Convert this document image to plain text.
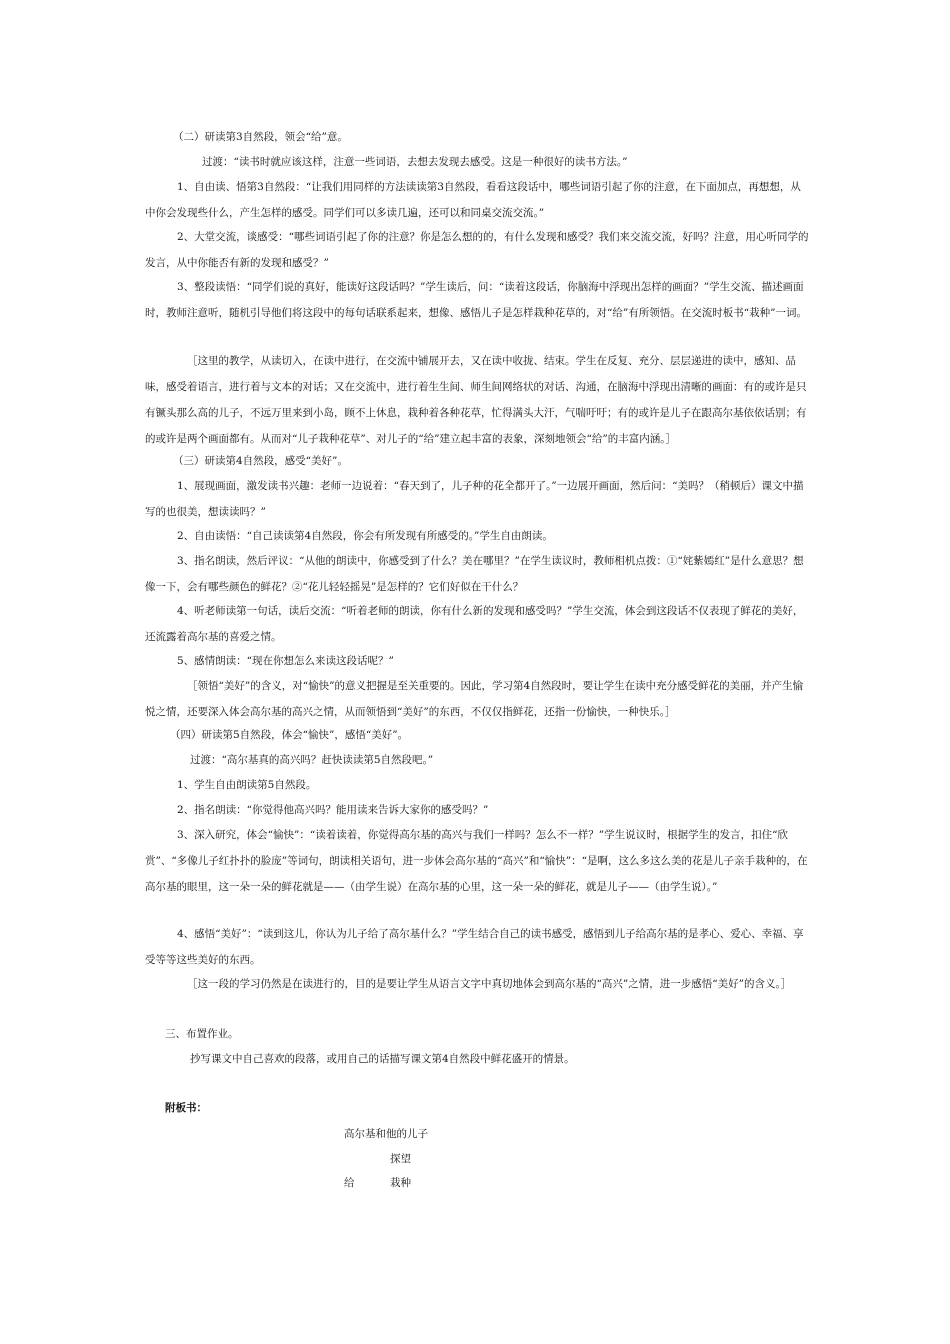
（二）研读第3自然段，领会“给”意。

过渡：“读书时就应该这样，注意一些词语，去想去发现去感受。这是一种很好的读书方法。”

1、自由读、悟第3自然段：“让我们用同样的方法读读第3自然段，看看这段话中，哪些词语引起了你的注意，在下面加点，再想想，从中你会发现些什么，产生怎样的感受。同学们可以多读几遍，还可以和同桌交流交流。”

2、大堂交流，谈感受：“哪些词语引起了你的注意？你是怎么想的的，有什么发现和感受？我们来交流交流，好吗？注意，用心听同学的发言，从中你能否有新的发现和感受？”

3、整段读悟：“同学们说的真好，能读好这段话吗？”学生读后，问：“读着这段话，你脑海中浮现出怎样的画面？”学生交流、描述画面时，教师注意听，随机引导他们将这段中的每句话联系起来，想像、感悟儿子是怎样栽种花草的，对“给”有所领悟。在交流时板书“栽种”一词。

［这里的教学，从读切入，在读中进行，在交流中铺展开去，又在读中收拢、结束。学生在反复、充分、层层递进的读中，感知、品味，感受着语言，进行着与文本的对话；又在交流中，进行着生生间、师生间网络状的对话、沟通，在脑海中浮现出清晰的画面：有的或许是只有镢头那么高的儿子，不远万里来到小岛，顾不上休息，栽种着各种花草，忙得满头大汗，气喘吁吁；有的或许是儿子在跟高尔基依依话别；有的或许是两个画面都有。从而对“儿子栽种花草”、对儿子的“给”建立起丰富的表象，深刻地领会“给”的丰富内涵。］

（三）研读第4自然段，感受“美好”。

1、展现画面，激发读书兴趣：老师一边说着：“春天到了，儿子种的花全都开了。”一边展开画面，然后问：“美吗？（稍顿后）课文中描写的也很美，想读读吗？”

2、自由读悟：“自己读读第4自然段，你会有所发现有所感受的。”学生自由朗读。

3、指名朗读，然后评议：“从他的朗读中，你感受到了什么？美在哪里？”在学生读议时，教师相机点拨：①“姹紫嫣红”是什么意思？想像一下，会有哪些颜色的鲜花？②“花儿轻轻摇晃”是怎样的？它们好似在干什么？

4、听老师读第一句话，读后交流：“听着老师的朗读，你有什么新的发现和感受吗？”学生交流，体会到这段话不仅表现了鲜花的美好，还流露着高尔基的喜爱之情。

5、感情朗读：“现在你想怎么来读这段话呢？”

［领悟“美好”的含义，对“愉快”的意义把握是至关重要的。因此，学习第4自然段时，要让学生在读中充分感受鲜花的美丽，并产生愉悦之情，还要深入体会高尔基的高兴之情，从而领悟到“美好”的东西，不仅仅指鲜花，还指一份愉快，一种快乐。］

（四）研读第5自然段，体会“愉快”，感悟“美好”。

过渡：“高尔基真的高兴吗？赶快读读第5自然段吧。”

1、学生自由朗读第5自然段。

2、指名朗读：“你觉得他高兴吗？能用读来告诉大家你的感受吗？”

3、深入研究，体会“愉快”：“读着读着，你觉得高尔基的高兴与我们一样吗？怎么不一样？”学生说议时，根据学生的发言，扣住“欣赏”、“多像儿子红扑扑的脸庞”等词句，朗读相关语句，进一步体会高尔基的“高兴”和“愉快”：“是啊，这么多这么美的花是儿子亲手栽种的，在高尔基的眼里，这一朵一朵的鲜花就是——（由学生说）在高尔基的心里，这一朵一朵的鲜花，就是儿子——（由学生说）。”

4、感悟“美好”：“读到这儿，你认为儿子给了高尔基什么？”学生结合自己的读书感受，感悟到儿子给高尔基的是孝心、爱心、幸福、享受等等这些美好的东西。

［这一段的学习仍然是在读进行的，目的是要让学生从语言文字中真切地体会到高尔基的“高兴”之情，进一步感悟“美好”的含义。］

三、布置作业。

抄写课文中自己喜欢的段落，或用自己的话描写课文第4自然段中鲜花盛开的情景。

附板书：
高尔基和他的儿子
探望
给	栽种
